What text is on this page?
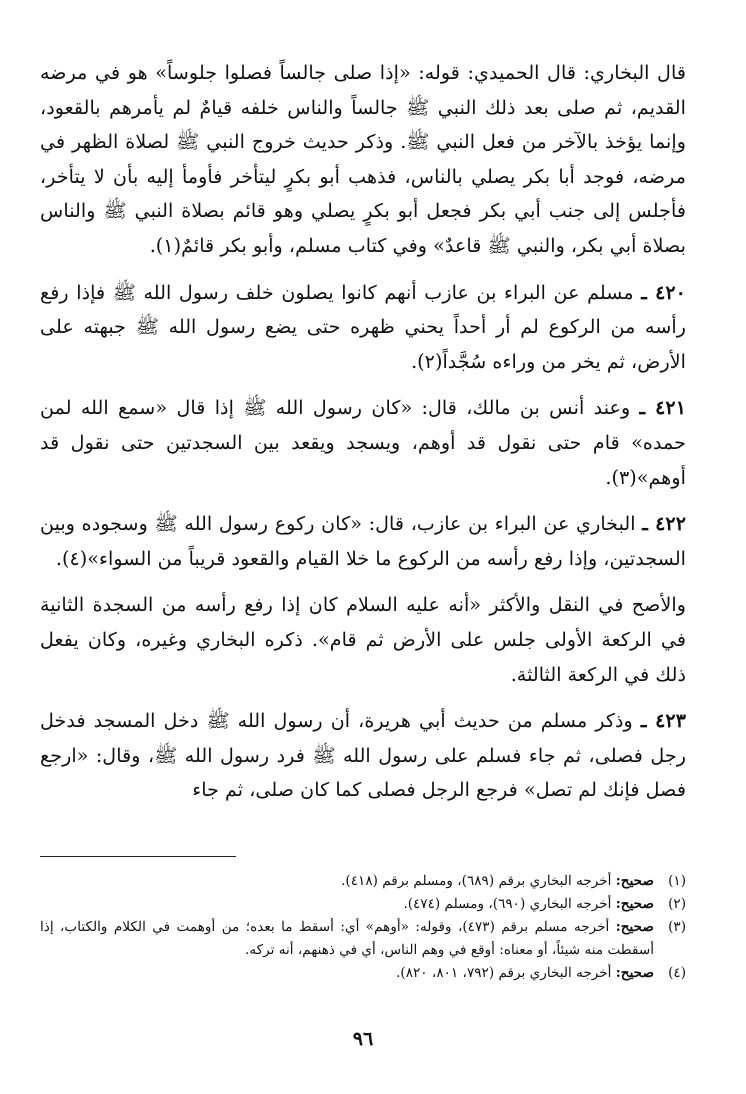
قال البخاري: قال الحميدي: قوله: «إذا صلى جالساً فصلوا جلوساً» هو في مرضه القديم، ثم صلى بعد ذلك النبي ﷺ جالساً والناس خلفه قيامٌ لم يأمرهم بالقعود، وإنما يؤخذ بالآخر من فعل النبي ﷺ. وذكر حديث خروج النبي ﷺ لصلاة الظهر في مرضه، فوجد أبا بكر يصلي بالناس، فذهب أبو بكرٍ ليتأخر فأومأ إليه بأن لا يتأخر، فأجلس إلى جنب أبي بكر فجعل أبو بكرٍ يصلي وهو قائم بصلاة النبي ﷺ والناس بصلاة أبي بكر، والنبي ﷺ قاعدٌ» وفي كتاب مسلم، وأبو بكر قائمٌ(١).

٤٢٠ ـ مسلم عن البراء بن عازب أنهم كانوا يصلون خلف رسول الله ﷺ فإذا رفع رأسه من الركوع لم أر أحداً يحني ظهره حتى يضع رسول الله ﷺ جبهته على الأرض، ثم يخر من وراءه سُجَّداً(٢).

٤٢١ ـ وعند أنس بن مالك، قال: «كان رسول الله ﷺ إذا قال «سمع الله لمن حمده» قام حتى نقول قد أوهم، ويسجد ويقعد بين السجدتين حتى نقول قد أوهم»(٣).

٤٢٢ ـ البخاري عن البراء بن عازب، قال: «كان ركوع رسول الله ﷺ وسجوده وبين السجدتين، وإذا رفع رأسه من الركوع ما خلا القيام والقعود قريباً من السواء»(٤).

والأصح في النقل والأكثر «أنه عليه السلام كان إذا رفع رأسه من السجدة الثانية في الركعة الأولى جلس على الأرض ثم قام». ذكره البخاري وغيره، وكان يفعل ذلك في الركعة الثالثة.

٤٢٣ ـ وذكر مسلم من حديث أبي هريرة، أن رسول الله ﷺ دخل المسجد فدخل رجل فصلى، ثم جاء فسلم على رسول الله ﷺ فرد رسول الله ﷺ، وقال: «ارجع فصل فإنك لم تصل» فرجع الرجل فصلى كما كان صلى، ثم جاء

(١)
صحيح: أخرجه البخاري برقم (٦٨٩)، ومسلم برقم (٤١٨).
(٢)
صحيح: أخرجه البخاري (٦٩٠)، ومسلم (٤٧٤).
(٣)
صحيح: أخرجه مسلم برقم (٤٧٣)، وقوله: «أوهم» أي: أسقط ما بعده؛ من أوهمت في الكلام والكتاب، إذا أسقطت منه شيئاً، أو معناه: أوقع في وهم الناس، أي في ذهنهم، أنه تركه.
(٤)
صحيح: أخرجه البخاري برقم (٧٩٢، ٨٠١، ٨٢٠).
٩٦
